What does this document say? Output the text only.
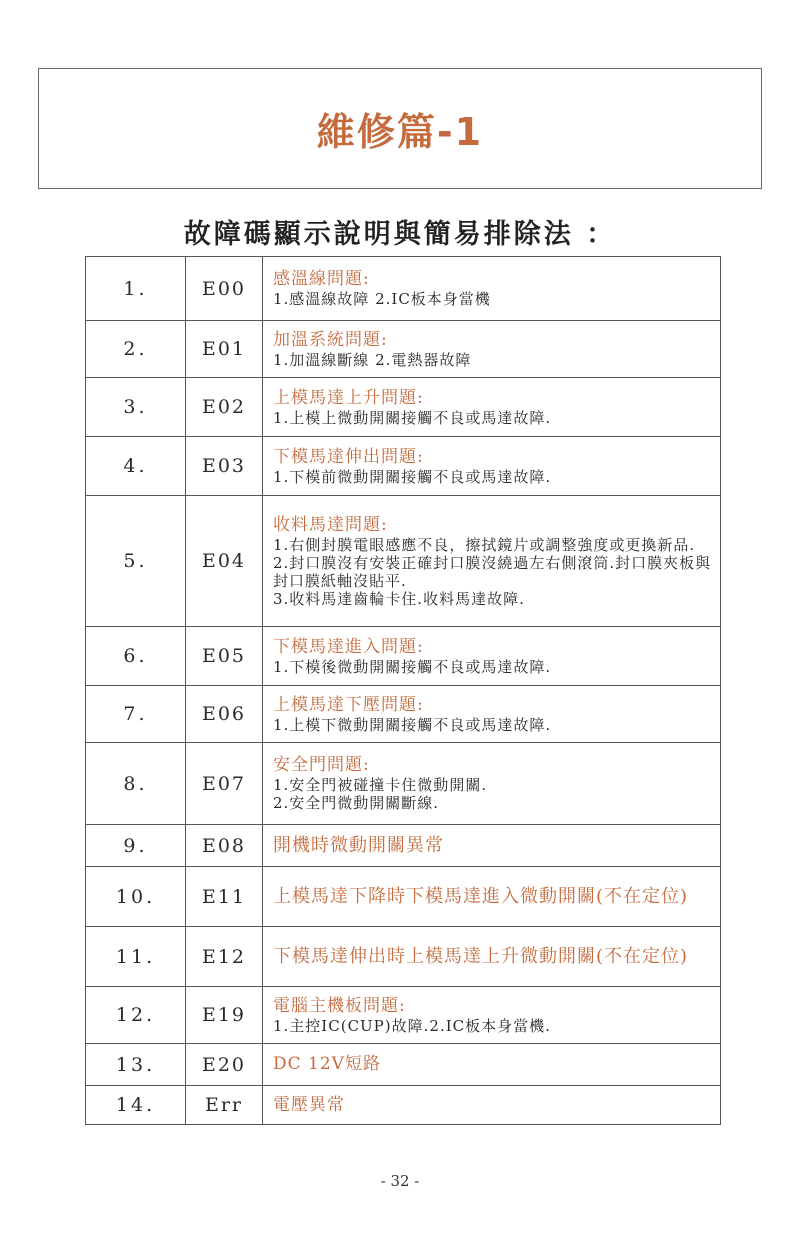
維修篇-1
故障碼顯示說明與簡易排除法 ：
1.	E00	感溫線問題:
1.感溫線故障 2.IC板本身當機

2.	E01	加溫系統問題:
1.加溫線斷線 2.電熱器故障

3.	E02	上模馬達上升問題:
1.上模上微動開關接觸不良或馬達故障.

4.	E03	下模馬達伸出問題:
1.下模前微動開關接觸不良或馬達故障.

5.	E04	收料馬達問題:
1.右側封膜電眼感應不良，擦拭鏡片或調整強度或更換新品.
2.封口膜沒有安裝正確封口膜沒繞過左右側滾筒.封口膜夾板與封口膜紙軸沒貼平.
3.收料馬達齒輪卡住.收料馬達故障.

6.	E05	下模馬達進入問題:
1.下模後微動開關接觸不良或馬達故障.

7.	E06	上模馬達下壓問題:
1.上模下微動開關接觸不良或馬達故障.

8.	E07	安全門問題:
1.安全門被碰撞卡住微動開關.
2.安全門微動開關斷線.

9.	E08	開機時微動開關異常

10.	E11	上模馬達下降時下模馬達進入微動開關(不在定位)

11.	E12	下模馬達伸出時上模馬達上升微動開關(不在定位)

12.	E19	電腦主機板問題:
1.主控IC(CUP)故障.2.IC板本身當機.

13.	E20	DC 12V短路

14.	Err	電壓異常
- 32 -
